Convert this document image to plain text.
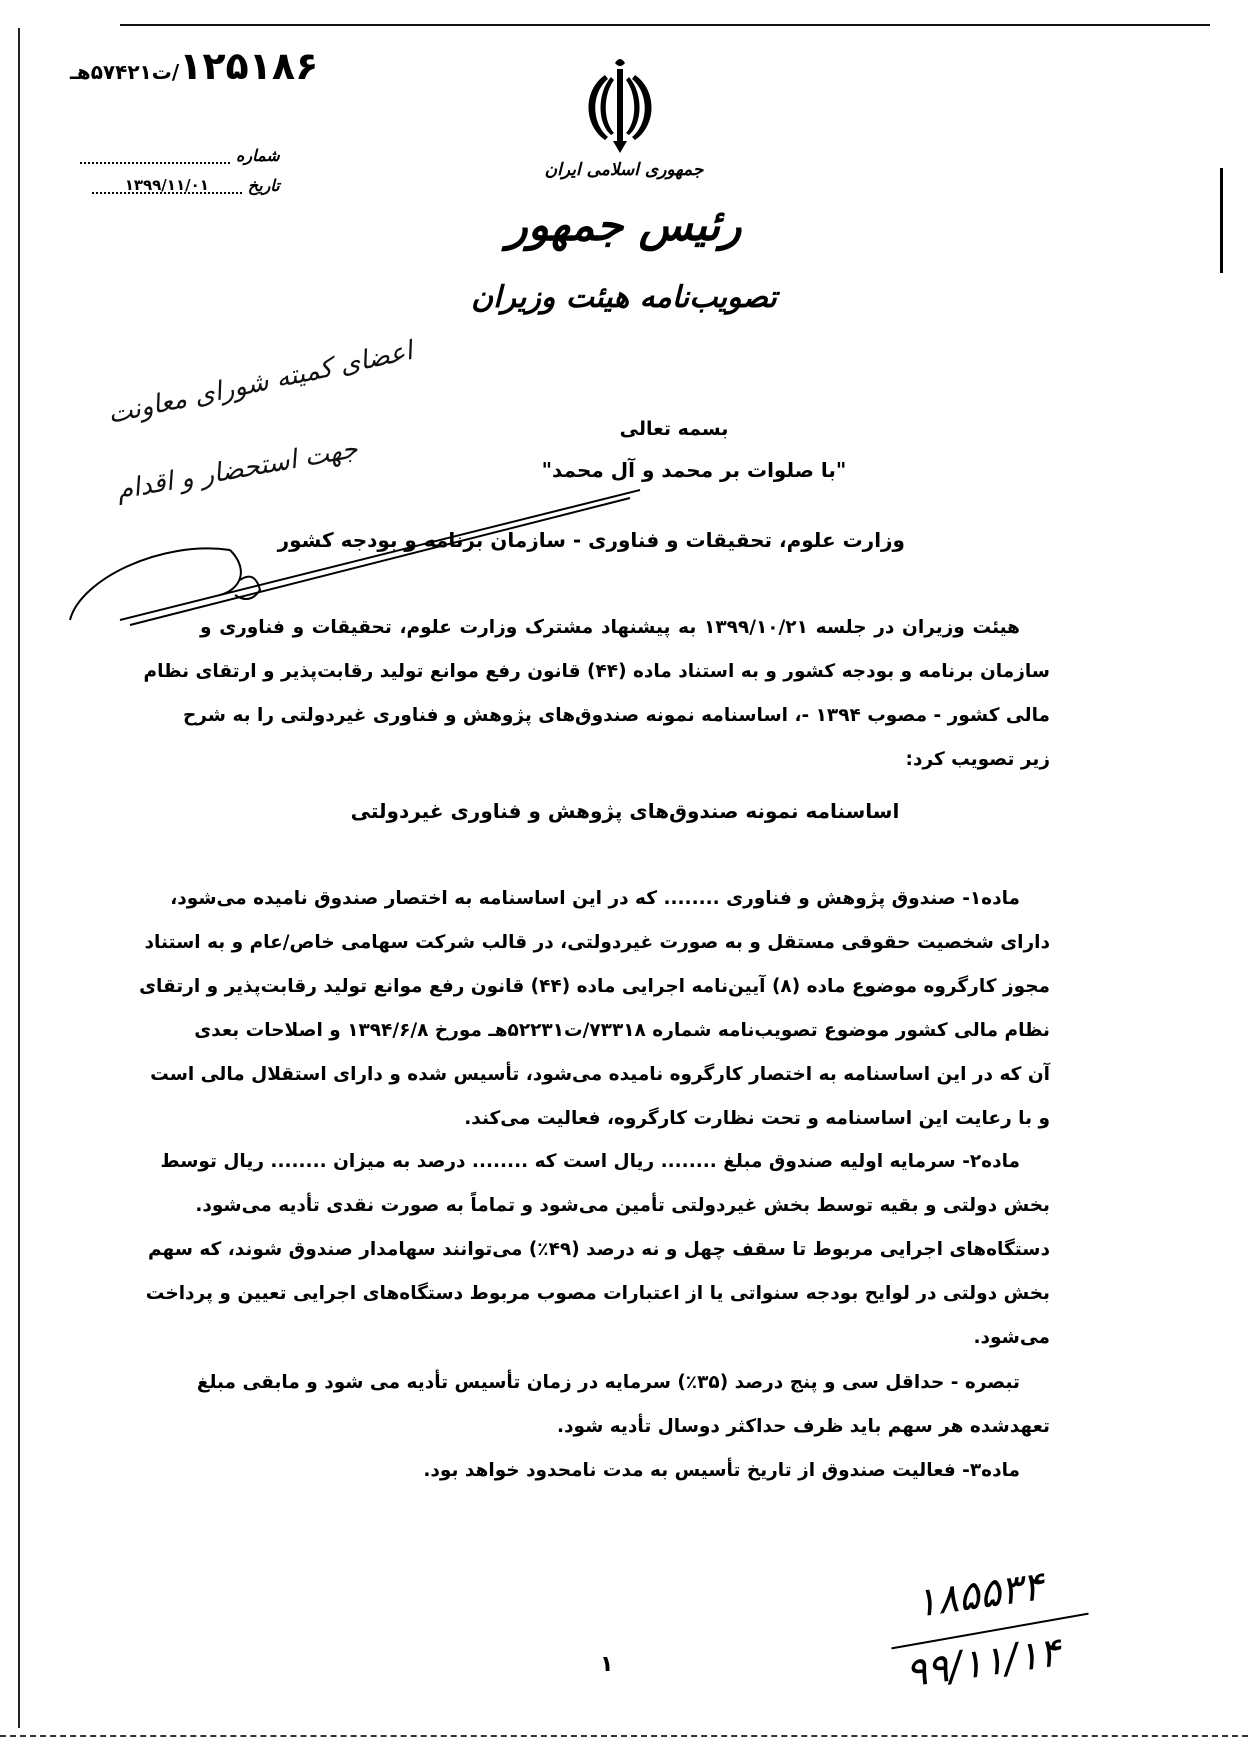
۱۲۵۱۸۶/ت۵۷۴۲۱هـ
شماره
تاریخ
۱۳۹۹/۱۱/۰۱
جمهوری اسلامی ایران
رئیس جمهور
تصویب‌نامه هیئت وزیران
اعضای کمیته شورای معاونت
جهت استحضار و اقدام
بسمه تعالی
"با صلوات بر محمد و آل محمد"
وزارت علوم، تحقیقات و فناوری - سازمان برنامه و بودجه کشور
هیئت وزیران در جلسه ۱۳۹۹/۱۰/۲۱ به پیشنهاد مشترک وزارت علوم، تحقیقات و فناوری و
سازمان برنامه و بودجه کشور و به استناد ماده (۴۴) قانون رفع موانع تولید رقابت‌پذیر و ارتقای نظام
مالی کشور - مصوب ۱۳۹۴ -، اساسنامه نمونه صندوق‌های پژوهش و فناوری غیردولتی را به شرح
زیر تصویب کرد:
اساسنامه نمونه صندوق‌های پژوهش و فناوری غیردولتی
ماده۱- صندوق پژوهش و فناوری ........ که در این اساسنامه به اختصار صندوق نامیده می‌شود،
دارای شخصیت حقوقی مستقل و به صورت غیردولتی، در قالب شرکت سهامی خاص/عام و به استناد
مجوز کارگروه موضوع ماده (۸) آیین‌نامه اجرایی ماده (۴۴) قانون رفع موانع تولید رقابت‌پذیر و ارتقای
نظام مالی کشور موضوع تصویب‌نامه شماره ۷۳۳۱۸/ت۵۲۲۳۱هـ مورخ ۱۳۹۴/۶/۸ و اصلاحات بعدی
آن که در این اساسنامه به اختصار کارگروه نامیده می‌شود، تأسیس شده و دارای استقلال مالی است
و با رعایت این اساسنامه و تحت نظارت کارگروه، فعالیت می‌کند.
ماده۲- سرمایه اولیه صندوق مبلغ ........ ریال است که ........ درصد به میزان ........ ریال توسط
بخش دولتی و بقیه توسط بخش غیردولتی تأمین می‌شود و تماماً به صورت نقدی تأدیه می‌شود.
دستگاه‌های اجرایی مربوط تا سقف چهل و نه درصد (۴۹٪) می‌توانند سهامدار صندوق شوند، که سهم
بخش دولتی در لوایح بودجه سنواتی یا از اعتبارات مصوب مربوط دستگاه‌های اجرایی تعیین و پرداخت
می‌شود.
تبصره - حداقل سی و پنج درصد (۳۵٪) سرمایه در زمان تأسیس تأدیه می شود و مابقی مبلغ
تعهدشده هر سهم باید ظرف حداکثر دوسال تأدیه شود.
ماده۳- فعالیت صندوق از تاریخ تأسیس به مدت نامحدود خواهد بود.
۱۸۵۵۳۴
۹۹/۱۱/۱۴
۱
